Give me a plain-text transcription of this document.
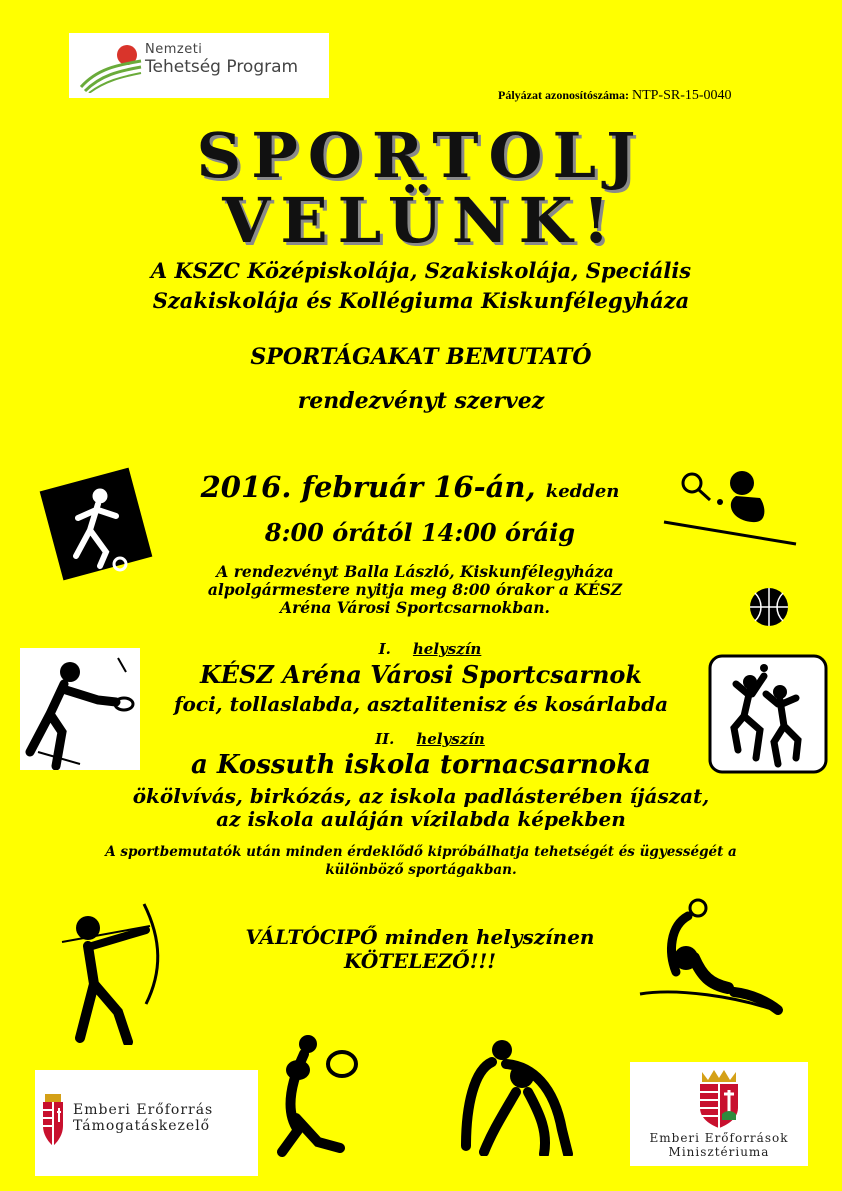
Nemzeti
Tehetség Program
Pályázat azonosítószáma: NTP-SR-15-0040
SPORTOLJ
VELÜNK!
A KSZC Középiskolája, Szakiskolája, Speciális
Szakiskolája és Kollégiuma Kiskunfélegyháza
SPORTÁGAKAT BEMUTATÓ
rendezvényt szervez
2016. február 16-án, kedden
8:00 órától 14:00 óráig
A rendezvényt Balla László, Kiskunfélegyháza
alpolgármestere nyitja meg 8:00 órakor a KÉSZ
Aréna Városi Sportcsarnokban.
I. helyszín
KÉSZ Aréna Városi Sportcsarnok
foci, tollaslabda, asztalitenisz és kosárlabda
II. helyszín
a Kossuth iskola tornacsarnoka
ökölvívás, birkózás, az iskola padlásterében íjászat,
az iskola auláján vízilabda képekben
A sportbemutatók után minden érdeklődő kipróbálhatja tehetségét és ügyességét a
különböző sportágakban.
VÁLTÓCIPŐ minden helyszínen
KÖTELEZŐ!!!
Emberi Erőforrás
Támogatáskezelő
Emberi Erőforrások
Minisztériuma
